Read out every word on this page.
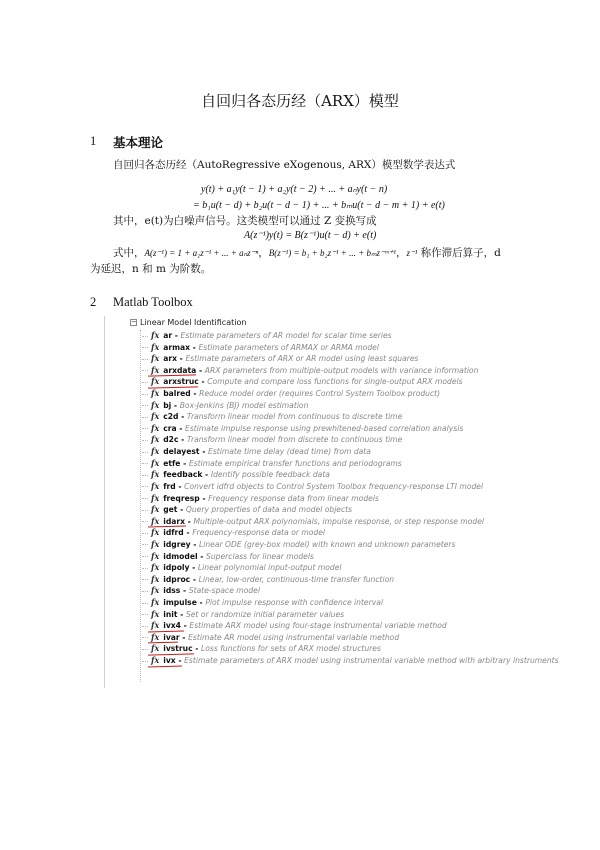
自回归各态历经（ARX）模型
1 基本理论
自回归各态历经（AutoRegressive eXogenous, ARX）模型数学表达式
y(t) + a₁y(t − 1) + a₂y(t − 2) + ... + aₙy(t − n)
= b₁u(t − d) + b₂u(t − d − 1) + ... + bₘu(t − d − m + 1) + e(t)
其中，e(t)为白噪声信号。这类模型可以通过 Z 变换写成
A(z⁻¹)y(t) = B(z⁻¹)u(t − d) + e(t)
式中，A(z⁻¹) = 1 + a₁z⁻¹ + ... + aₙz⁻ⁿ，B(z⁻¹) = b₁ + b₂z⁻¹ + ... + bₘz⁻ᵐ⁺¹，z⁻¹ 称作滞后算子，d
为延迟，n 和 m 为阶数。
2 Matlab Toolbox
− Linear Model Identification
fx ar - Estimate parameters of AR model for scalar time series
fx armax - Estimate parameters of ARMAX or ARMA model
fx arx - Estimate parameters of ARX or AR model using least squares
fx arxdata - ARX parameters from multiple-output models with variance information
fx arxstruc - Compute and compare loss functions for single-output ARX models
fx balred - Reduce model order (requires Control System Toolbox product)
fx bj - Box-Jenkins (BJ) model estimation
fx c2d - Transform linear model from continuous to discrete time
fx cra - Estimate impulse response using prewhitened-based correlation analysis
fx d2c - Transform linear model from discrete to continuous time
fx delayest - Estimate time delay (dead time) from data
fx etfe - Estimate empirical transfer functions and periodograms
fx feedback - Identify possible feedback data
fx frd - Convert idfrd objects to Control System Toolbox frequency-response LTI model
fx freqresp - Frequency response data from linear models
fx get - Query properties of data and model objects
fx idarx - Multiple-output ARX polynomials, impulse response, or step response model
fx idfrd - Frequency-response data or model
fx idgrey - Linear ODE (grey-box model) with known and unknown parameters
fx idmodel - Superclass for linear models
fx idpoly - Linear polynomial input-output model
fx idproc - Linear, low-order, continuous-time transfer function
fx idss - State-space model
fx impulse - Plot impulse response with confidence interval
fx init - Set or randomize initial parameter values
fx ivx4 - Estimate ARX model using four-stage instrumental variable method
fx ivar - Estimate AR model using instrumental variable method
fx ivstruc - Loss functions for sets of ARX model structures
fx ivx - Estimate parameters of ARX model using instrumental variable method with arbitrary instruments
